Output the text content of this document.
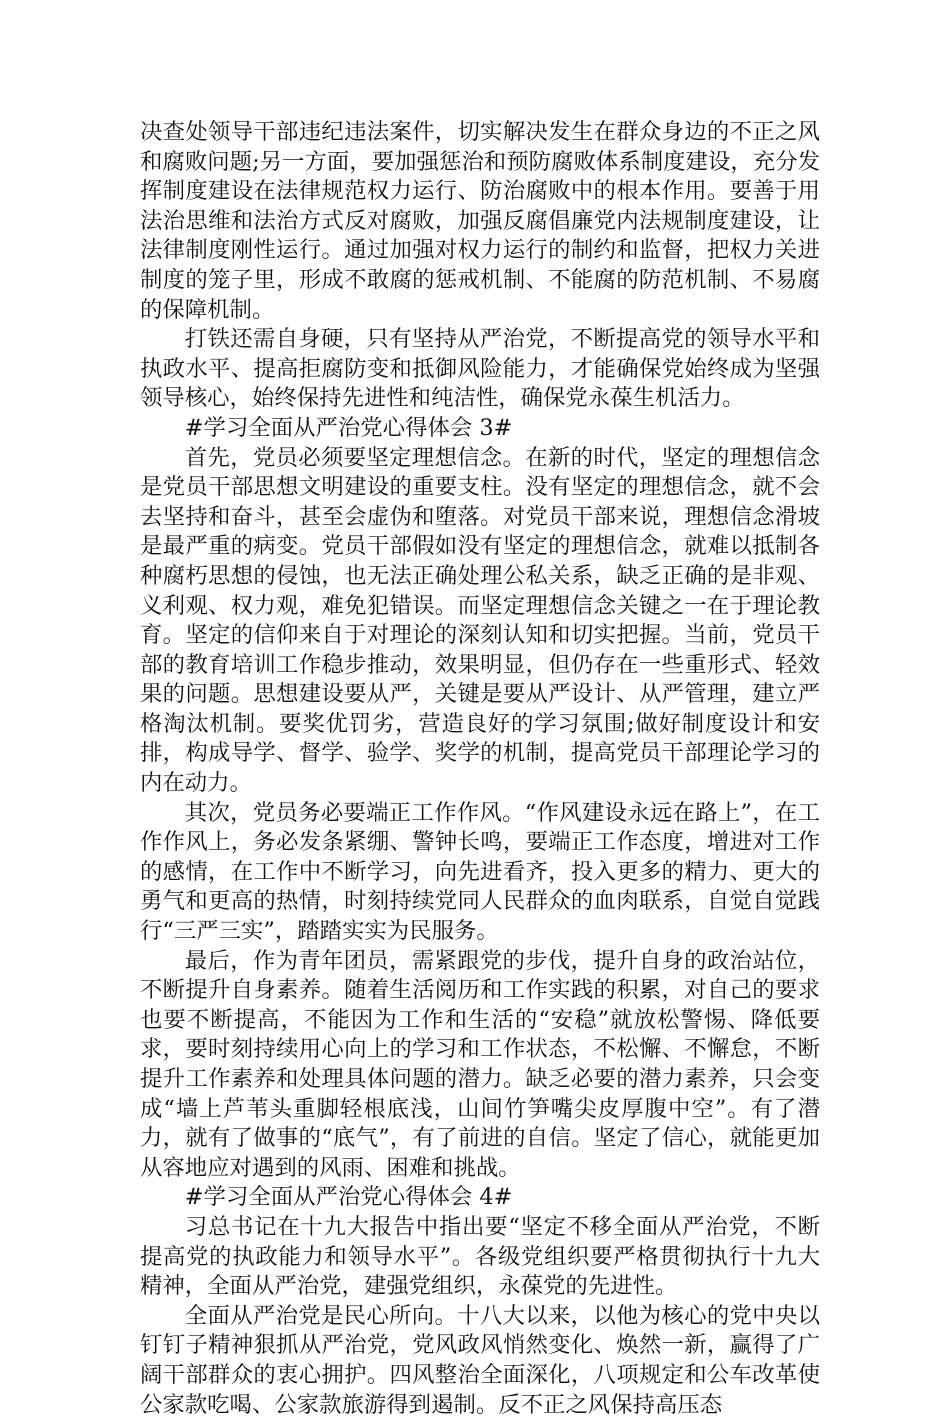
决查处领导干部违纪违法案件，切实解决发生在群众身边的不正之风和腐败问题;另一方面，要加强惩治和预防腐败体系制度建设，充分发挥制度建设在法律规范权力运行、防治腐败中的根本作用。要善于用法治思维和法治方式反对腐败，加强反腐倡廉党内法规制度建设，让法律制度刚性运行。通过加强对权力运行的制约和监督，把权力关进制度的笼子里，形成不敢腐的惩戒机制、不能腐的防范机制、不易腐的保障机制。

打铁还需自身硬，只有坚持从严治党，不断提高党的领导水平和执政水平、提高拒腐防变和抵御风险能力，才能确保党始终成为坚强领导核心，始终保持先进性和纯洁性，确保党永葆生机活力。

#学习全面从严治党心得体会 3#

首先，党员必须要坚定理想信念。在新的时代，坚定的理想信念是党员干部思想文明建设的重要支柱。没有坚定的理想信念，就不会去坚持和奋斗，甚至会虚伪和堕落。对党员干部来说，理想信念滑坡是最严重的病变。党员干部假如没有坚定的理想信念，就难以抵制各种腐朽思想的侵蚀，也无法正确处理公私关系，缺乏正确的是非观、义利观、权力观，难免犯错误。而坚定理想信念关键之一在于理论教育。坚定的信仰来自于对理论的深刻认知和切实把握。当前，党员干部的教育培训工作稳步推动，效果明显，但仍存在一些重形式、轻效果的问题。思想建设要从严，关键是要从严设计、从严管理，建立严格淘汰机制。要奖优罚劣，营造良好的学习氛围;做好制度设计和安排，构成导学、督学、验学、奖学的机制，提高党员干部理论学习的内在动力。

其次，党员务必要端正工作作风。“作风建设永远在路上”，在工作作风上，务必发条紧绷、警钟长鸣，要端正工作态度，增进对工作的感情，在工作中不断学习，向先进看齐，投入更多的精力、更大的勇气和更高的热情，时刻持续党同人民群众的血肉联系，自觉自觉践行“三严三实”，踏踏实实为民服务。

最后，作为青年团员，需紧跟党的步伐，提升自身的政治站位，不断提升自身素养。随着生活阅历和工作实践的积累，对自己的要求也要不断提高，不能因为工作和生活的“安稳”就放松警惕、降低要求，要时刻持续用心向上的学习和工作状态，不松懈、不懈怠，不断提升工作素养和处理具体问题的潜力。缺乏必要的潜力素养，只会变成“墙上芦苇头重脚轻根底浅，山间竹笋嘴尖皮厚腹中空”。有了潜力，就有了做事的“底气”，有了前进的自信。坚定了信心，就能更加从容地应对遇到的风雨、困难和挑战。

#学习全面从严治党心得体会 4#

习总书记在十九大报告中指出要“坚定不移全面从严治党，不断提高党的执政能力和领导水平”。各级党组织要严格贯彻执行十九大精神，全面从严治党，建强党组织，永葆党的先进性。

全面从严治党是民心所向。十八大以来，以他为核心的党中央以钉钉子精神狠抓从严治党，党风政风悄然变化、焕然一新，赢得了广阔干部群众的衷心拥护。四风整治全面深化，八项规定和公车改革使公家款吃喝、公家款旅游得到遏制。反不正之风保持高压态
